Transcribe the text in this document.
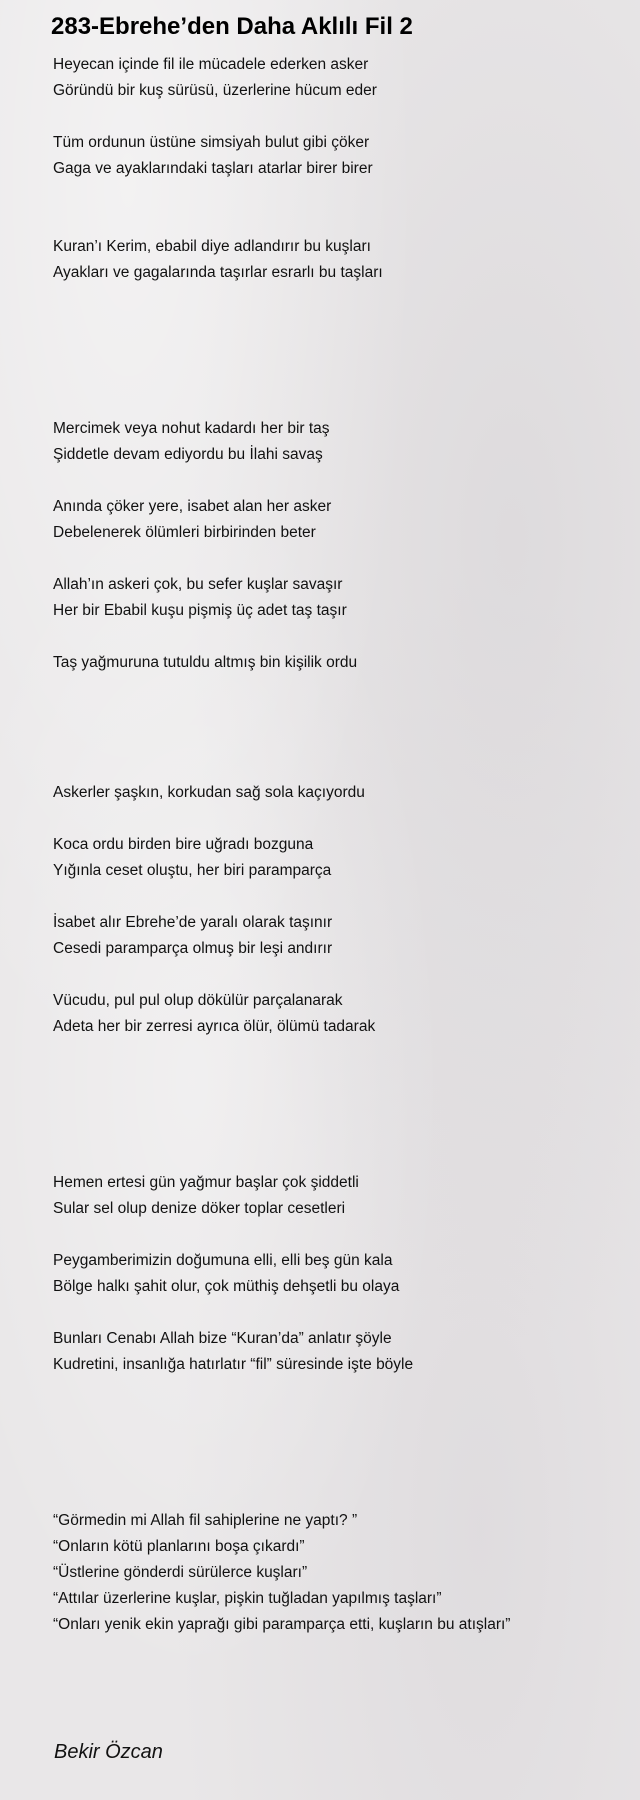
283-Ebrehe’den Daha Aklılı Fil 2
Heyecan içinde fil ile mücadele ederken asker
Göründü bir kuş sürüsü, üzerlerine hücum eder
Tüm ordunun üstüne simsiyah bulut gibi çöker
Gaga ve ayaklarındaki taşları atarlar birer birer
Kuran’ı Kerim, ebabil diye adlandırır bu kuşları
Ayakları ve gagalarında taşırlar esrarlı bu taşları
Mercimek veya nohut kadardı her bir taş
Şiddetle devam ediyordu bu İlahi savaş
Anında çöker yere, isabet alan her asker
Debelenerek ölümleri birbirinden beter
Allah’ın askeri çok, bu sefer kuşlar savaşır
Her bir Ebabil kuşu pişmiş üç adet taş taşır
Taş yağmuruna tutuldu altmış bin kişilik ordu
Askerler şaşkın, korkudan sağ sola kaçıyordu
Koca ordu birden bire uğradı bozguna
Yığınla ceset oluştu, her biri paramparça
İsabet alır Ebrehe’de yaralı olarak taşınır
Cesedi paramparça olmuş bir leşi andırır
Vücudu, pul pul olup dökülür parçalanarak
Adeta her bir zerresi ayrıca ölür, ölümü tadarak
Hemen ertesi gün yağmur başlar çok şiddetli
Sular sel olup denize döker toplar cesetleri
Peygamberimizin doğumuna elli, elli beş gün kala
Bölge halkı şahit olur, çok müthiş dehşetli bu olaya
Bunları Cenabı Allah bize “Kuran’da” anlatır şöyle
Kudretini, insanlığa hatırlatır “fil” süresinde işte böyle
“Görmedin mi Allah fil sahiplerine ne yaptı? ”
“Onların kötü planlarını boşa çıkardı”
“Üstlerine gönderdi sürülerce kuşları”
“Attılar üzerlerine kuşlar, pişkin tuğladan yapılmış taşları”
“Onları yenik ekin yaprağı gibi paramparça etti, kuşların bu atışları”
Bekir Özcan
